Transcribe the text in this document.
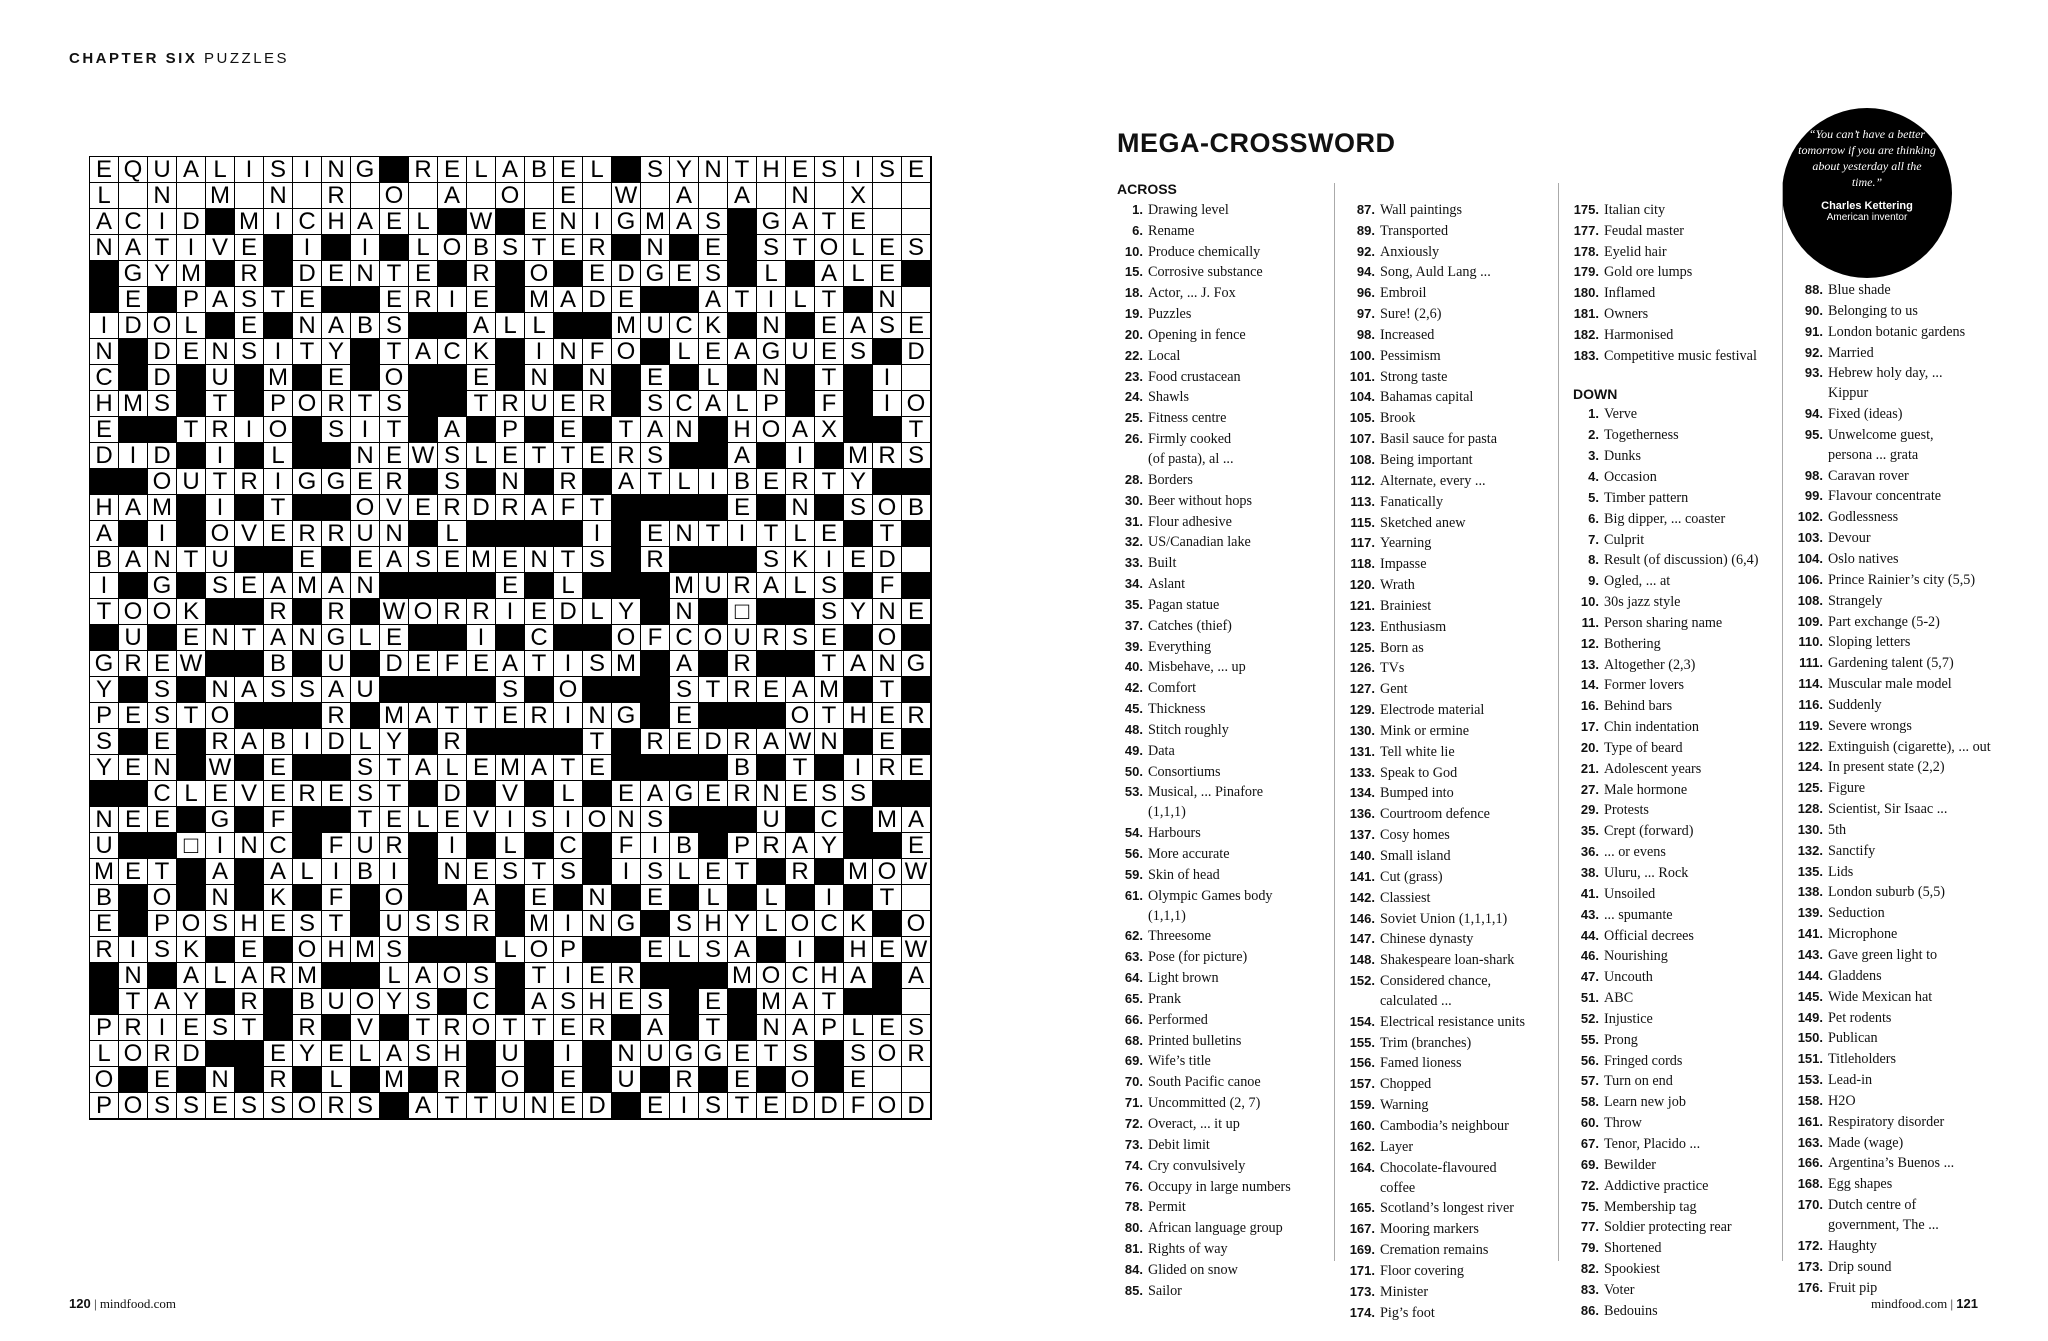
CHAPTER SIX PUZZLES
E Q U A L I S I N G R E L A B E L	S Y N T H E S I S E
L	N M N R O A O E W A A N X
A C I D M I C H A E L	W E N I G M A S G A T E
N A T I V E	I	I	L O B S T E R N E S T O L E S
G Y M R D E N T E R O E D G E S	L	A L E
E P A S T E	E R I E M A D E	A T I L T	N
I D O L	E N A B S	A L L	M U C K N E A S E
N D E N S I T Y T A C K	I N F O	L E A G U E S D
C D U M E O	E N N E	L	N T	I
H M S T	P O R T S	T R U E R S C A L P F	I O
E	T R I O S I T	A P E T A N H O A X	T
D I D	I	L	N E W S L E T T E R S	A	I	M R S
O U T R I G G E R S N R A T L I B E R T Y
H A M	I	T	O V E R D R A F T	E N S O B
A	I	O V E R R U N	L	I	E N T I T L E T
B A N T U	E E A S E M E N T S R	S K I E D
I	G S E A M A N	E	L	M U R A L S F
T O O K	R R W O R R I E D L Y N □	S Y N E
U E N T A N G L E	I	C	O F C O U R S E O
G R E W	B U D E F E A T I S M A R	T A N G
Y S N A S S A U	S O	S T R E A M T
P E S T O	R M A T T E R I N G E	O T H E R
S E R A B I D L Y R	T	R E D R A W N E
Y E N W E	S T A L E M A T E	B T	I R E
C L E V E R E S T	D V	L	E A G E R N E S S
N E E G F	T E L E V I S I O N S	U C M A
U	□ I N C F U R	I	L	C F I B P R A Y	E
M E T	A A L I B I	N E S T S	I S L E T	R M O W
B O N K F	O	A E N E	L	L	I	T
E P O S H E S T	U S S R M I N G S H Y L O C K O
R I S K E O H M S	L O P	E L S A	I	H E W
N A L A R M	L A O S T I E R	M O C H A A
T A Y R B U O Y S C A S H E S E M A T
P R I E S T	R V T R O T T E R A T	N A P L E S
L O R D	E Y E L A S H U	I	N U G G E T S S O R
O E N R	L	M R O E U R E O E
P O S S E S S O R S A T T U N E D E I S T E D D F O D
MEGA-CROSSWORD	“You can’t have a better tomorrow if you are thinking about yesterday all the time.”
Charles Kettering
American inventor
ACROSS
1. Drawing level
6. Rename
10. Produce chemically
15. Corrosive substance
18. Actor, ... J. Fox
19. Puzzles
20. Opening in fence
22. Local
23. Food crustacean
24. Shawls
25. Fitness centre
26. Firmly cooked
(of pasta), al ...
28. Borders
30. Beer without hops
31. Flour adhesive
32. US/Canadian lake
33. Built
34. Aslant
35. Pagan statue
37. Catches (thief)
39. Everything
40. Misbehave, ... up
42. Comfort
45. Thickness
48. Stitch roughly
49. Data
50. Consortiums
53. Musical, ... Pinafore
(1,1,1)
54. Harbours
56. More accurate
59. Skin of head
61. Olympic Games body
(1,1,1)
62. Threesome
63. Pose (for picture)
64. Light brown
65. Prank
66. Performed
68. Printed bulletins
69. Wife’s title
70. South Pacific canoe
71. Uncommitted (2, 7)
72. Overact, ... it up
73. Debit limit
74. Cry convulsively
76. Occupy in large numbers
78. Permit
80. African language group
81. Rights of way
84. Glided on snow
85. Sailor
87. Wall paintings
89. Transported
92. Anxiously
94. Song, Auld Lang ...
96. Embroil
97. Sure! (2,6)
98. Increased
100. Pessimism
101. Strong taste
104. Bahamas capital
105. Brook
107. Basil sauce for pasta
108. Being important
112. Alternate, every ...
113. Fanatically
115. Sketched anew
117. Yearning
118. Impasse
120. Wrath
121. Brainiest
123. Enthusiasm
125. Born as
126. TVs
127. Gent
129. Electrode material
130. Mink or ermine
131. Tell white lie
133. Speak to God
134. Bumped into
136. Courtroom defence
137. Cosy homes
140. Small island
141. Cut (grass)
142. Classiest
146. Soviet Union (1,1,1,1)
147. Chinese dynasty
148. Shakespeare loan-shark
152. Considered chance,
calculated ...
154. Electrical resistance units
155. Trim (branches)
156. Famed lioness
157. Chopped
159. Warning
160. Cambodia’s neighbour
162. Layer
164. Chocolate-flavoured
coffee
165. Scotland’s longest river
167. Mooring markers
169. Cremation remains
171. Floor covering
173. Minister
174. Pig’s foot
175. Italian city
177. Feudal master
178. Eyelid hair
179. Gold ore lumps
180. Inflamed
181. Owners
182. Harmonised
183. Competitive music festival
DOWN
1. Verve
2. Togetherness
3. Dunks
4. Occasion
5. Timber pattern
6. Big dipper, ... coaster
7. Culprit
8. Result (of discussion) (6,4)
9. Ogled, ... at
10. 30s jazz style
11. Person sharing name
12. Bothering
13. Altogether (2,3)
14. Former lovers
16. Behind bars
17. Chin indentation
20. Type of beard
21. Adolescent years
27. Male hormone
29. Protests
35. Crept (forward)
36. ... or evens
38. Uluru, ... Rock
41. Unsoiled
43. ... spumante
44. Official decrees
46. Nourishing
47. Uncouth
51. ABC
52. Injustice
55. Prong
56. Fringed cords
57. Turn on end
58. Learn new job
60. Throw
67. Tenor, Placido ...
69. Bewilder
72. Addictive practice
75. Membership tag
77. Soldier protecting rear
79. Shortened
82. Spookiest
83. Voter
86. Bedouins
88. Blue shade
90. Belonging to us
91. London botanic gardens
92. Married
93. Hebrew holy day, ...
Kippur
94. Fixed (ideas)
95. Unwelcome guest,
persona ... grata
98. Caravan rover
99. Flavour concentrate
102. Godlessness
103. Devour
104. Oslo natives
106. Prince Rainier’s city (5,5)
108. Strangely
109. Part exchange (5-2)
110. Sloping letters
111. Gardening talent (5,7)
114. Muscular male model
116. Suddenly
119. Severe wrongs
122. Extinguish (cigarette), ... out
124. In present state (2,2)
125. Figure
128. Scientist, Sir Isaac ...
130. 5th
132. Sanctify
135. Lids
138. London suburb (5,5)
139. Seduction
141. Microphone
143. Gave green light to
144. Gladdens
145. Wide Mexican hat
149. Pet rodents
150. Publican
151. Titleholders
153. Lead-in
158. H2O
161. Respiratory disorder
163. Made (wage)
166. Argentina’s Buenos ...
168. Egg shapes
170. Dutch centre of
government, The ...
172. Haughty
173. Drip sound
176. Fruit pip
120 | mindfood.com	mindfood.com | 121
